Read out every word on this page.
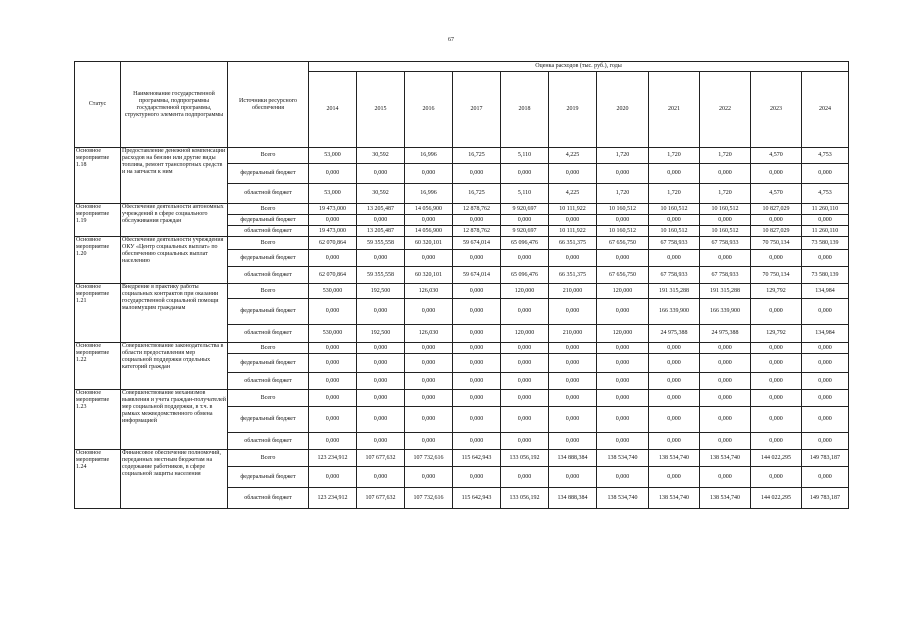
67
Статус	Наименование государственной программы, подпрограммы государственной программы, структурного элемента подпрограммы	Источники ресурсного обеспечения	Оценка расходов (тыс. руб.), годы										
			2014	2015	2016	2017	2018	2019	2020	2021	2022	2023	2024
Основное мероприятие 1.18	Предоставление денежной компенсации расходов на бензин или другие виды топлива, ремонт транспортных средств и на запчасти к ним	Всего	53,000	30,592	16,996	16,725	5,110	4,225	1,720	1,720	1,720	4,570	4,753
		федеральный бюджет	0,000	0,000	0,000	0,000	0,000	0,000	0,000	0,000	0,000	0,000	0,000
		областной бюджет	53,000	30,592	16,996	16,725	5,110	4,225	1,720	1,720	1,720	4,570	4,753
Основное мероприятие 1.19	Обеспечение деятельности автономных учреждений в сфере социального обслуживания граждан	Всего	19 473,000	13 205,487	14 056,900	12 878,762	9 920,697	10 111,922	10 160,512	10 160,512	10 160,512	10 827,029	11 260,110
		федеральный бюджет	0,000	0,000	0,000	0,000	0,000	0,000	0,000	0,000	0,000	0,000	0,000
		областной бюджет	19 473,000	13 205,487	14 056,900	12 878,762	9 920,697	10 111,922	10 160,512	10 160,512	10 160,512	10 827,029	11 260,110
Основное мероприятие 1.20	Обеспечение деятельности учреждения ОКУ «Центр социальных выплат» по обеспечению социальных выплат населению	Всего	62 070,864	59 355,558	60 320,101	59 674,014	65 096,476	66 351,375	67 656,750	67 758,933	67 758,933	70 750,134	73 580,139
		федеральный бюджет	0,000	0,000	0,000	0,000	0,000	0,000	0,000	0,000	0,000	0,000	0,000
		областной бюджет	62 070,864	59 355,558	60 320,101	59 674,014	65 096,476	66 351,375	67 656,750	67 758,933	67 758,933	70 750,134	73 580,139
Основное мероприятие 1.21	Внедрение в практику работы социальных контрактов при оказании государственной социальной помощи малоимущим гражданам	Всего	530,000	192,500	126,030	0,000	120,000	210,000	120,000	191 315,288	191 315,288	129,792	134,984
		федеральный бюджет	0,000	0,000	0,000	0,000	0,000	0,000	0,000	166 339,900	166 339,900	0,000	0,000
		областной бюджет	530,000	192,500	126,030	0,000	120,000	210,000	120,000	24 975,388	24 975,388	129,792	134,984
Основное мероприятие 1.22	Совершенствование законодательства в области предоставления мер социальной поддержки отдельных категорий граждан	Всего	0,000	0,000	0,000	0,000	0,000	0,000	0,000	0,000	0,000	0,000	0,000
		федеральный бюджет	0,000	0,000	0,000	0,000	0,000	0,000	0,000	0,000	0,000	0,000	0,000
		областной бюджет	0,000	0,000	0,000	0,000	0,000	0,000	0,000	0,000	0,000	0,000	0,000
Основное мероприятие 1.23	Совершенствование механизмов выявления и учета граждан-получателей мер социальной поддержки, в т.ч. в рамках межведомственного обмена информацией	Всего	0,000	0,000	0,000	0,000	0,000	0,000	0,000	0,000	0,000	0,000	0,000
		федеральный бюджет	0,000	0,000	0,000	0,000	0,000	0,000	0,000	0,000	0,000	0,000	0,000
		областной бюджет	0,000	0,000	0,000	0,000	0,000	0,000	0,000	0,000	0,000	0,000	0,000
Основное мероприятие 1.24	Финансовое обеспечение полномочий, переданных местным бюджетам на содержание работников, в сфере социальной защиты населения	Всего	123 234,912	107 677,632	107 732,616	115 642,943	133 056,192	134 888,384	138 534,740	138 534,740	138 534,740	144 022,295	149 783,187
		федеральный бюджет	0,000	0,000	0,000	0,000	0,000	0,000	0,000	0,000	0,000	0,000	0,000
		областной бюджет	123 234,912	107 677,632	107 732,616	115 642,943	133 056,192	134 888,384	138 534,740	138 534,740	138 534,740	144 022,295	149 783,187
